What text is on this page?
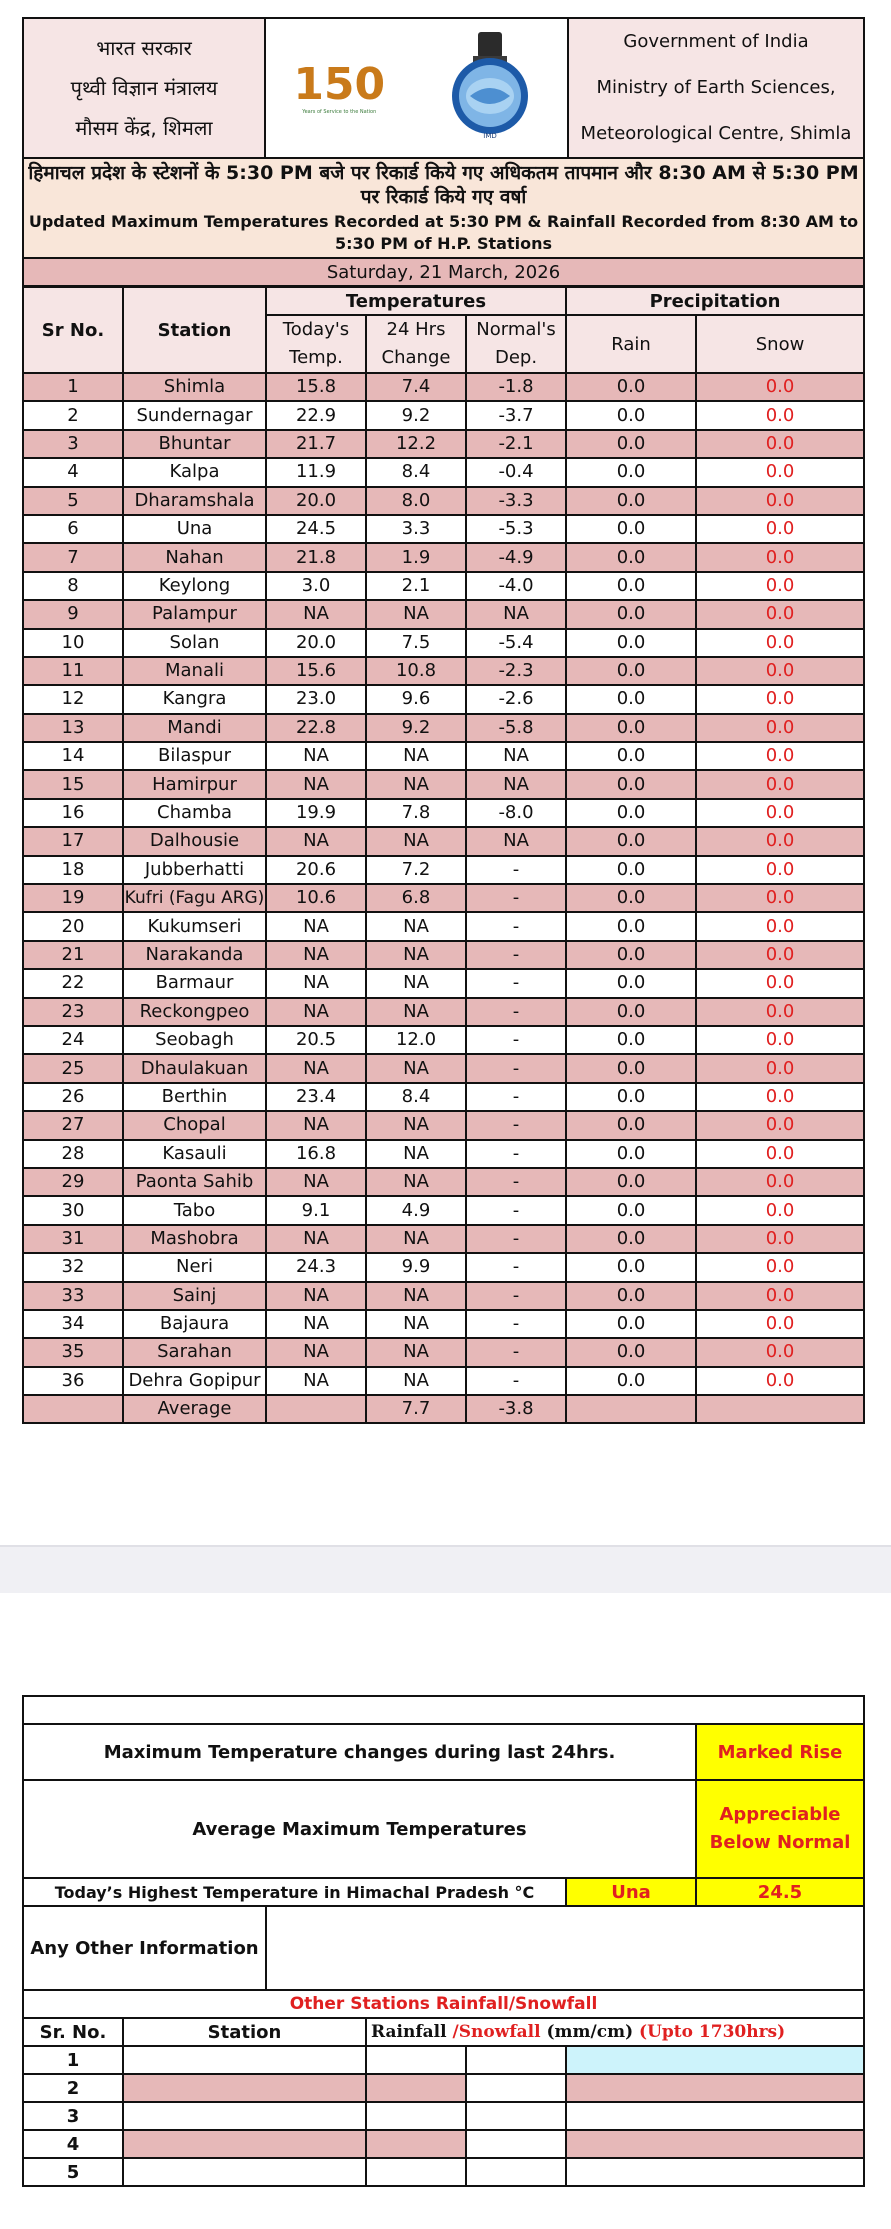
भारत सरकार
पृथ्वी विज्ञान मंत्रालय
मौसम केंद्र, शिमला

150
Years of Service to the Nation
IMD

Government of India
Ministry of Earth Sciences,
Meteorological Centre, Shimla

हिमाचल प्रदेश के स्टेशनों के 5:30 PM बजे पर रिकार्ड किये गए अधिकतम तापमान और 8:30 AM से 5:30 PM पर रिकार्ड किये गए वर्षा
Updated Maximum Temperatures Recorded at 5:30 PM & Rainfall Recorded from 8:30 AM to 5:30 PM of H.P. Stations

Saturday, 21 March, 2026
Sr No.	Station	Temperatures			Precipitation	
		Today's Temp.	24 Hrs Change	Normal's Dep.	Rain	Snow
1	Shimla	15.8	7.4	-1.8	0.0	0.0
2	Sundernagar	22.9	9.2	-3.7	0.0	0.0
3	Bhuntar	21.7	12.2	-2.1	0.0	0.0
4	Kalpa	11.9	8.4	-0.4	0.0	0.0
5	Dharamshala	20.0	8.0	-3.3	0.0	0.0
6	Una	24.5	3.3	-5.3	0.0	0.0
7	Nahan	21.8	1.9	-4.9	0.0	0.0
8	Keylong	3.0	2.1	-4.0	0.0	0.0
9	Palampur	NA	NA	NA	0.0	0.0
10	Solan	20.0	7.5	-5.4	0.0	0.0
11	Manali	15.6	10.8	-2.3	0.0	0.0
12	Kangra	23.0	9.6	-2.6	0.0	0.0
13	Mandi	22.8	9.2	-5.8	0.0	0.0
14	Bilaspur	NA	NA	NA	0.0	0.0
15	Hamirpur	NA	NA	NA	0.0	0.0
16	Chamba	19.9	7.8	-8.0	0.0	0.0
17	Dalhousie	NA	NA	NA	0.0	0.0
18	Jubberhatti	20.6	7.2	-	0.0	0.0
19	Kufri (Fagu ARG)	10.6	6.8	-	0.0	0.0
20	Kukumseri	NA	NA	-	0.0	0.0
21	Narakanda	NA	NA	-	0.0	0.0
22	Barmaur	NA	NA	-	0.0	0.0
23	Reckongpeo	NA	NA	-	0.0	0.0
24	Seobagh	20.5	12.0	-	0.0	0.0
25	Dhaulakuan	NA	NA	-	0.0	0.0
26	Berthin	23.4	8.4	-	0.0	0.0
27	Chopal	NA	NA	-	0.0	0.0
28	Kasauli	16.8	NA	-	0.0	0.0
29	Paonta Sahib	NA	NA	-	0.0	0.0
30	Tabo	9.1	4.9	-	0.0	0.0
31	Mashobra	NA	NA	-	0.0	0.0
32	Neri	24.3	9.9	-	0.0	0.0
33	Sainj	NA	NA	-	0.0	0.0
34	Bajaura	NA	NA	-	0.0	0.0
35	Sarahan	NA	NA	-	0.0	0.0
36	Dehra Gopipur	NA	NA	-	0.0	0.0
	Average		7.7	-3.8		

Maximum Temperature changes during last 24hrs.						Marked Rise
Average Maximum Temperatures						Appreciable Below Normal
Today’s Highest Temperature in Himachal Pradesh °C					Una	24.5
Any Other Information						
Other Stations Rainfall/Snowfall						
Sr. No.	Station		Rainfall /Snowfall (mm/cm) (Upto 1730hrs)			
1						
2						
3						
4						
5						
